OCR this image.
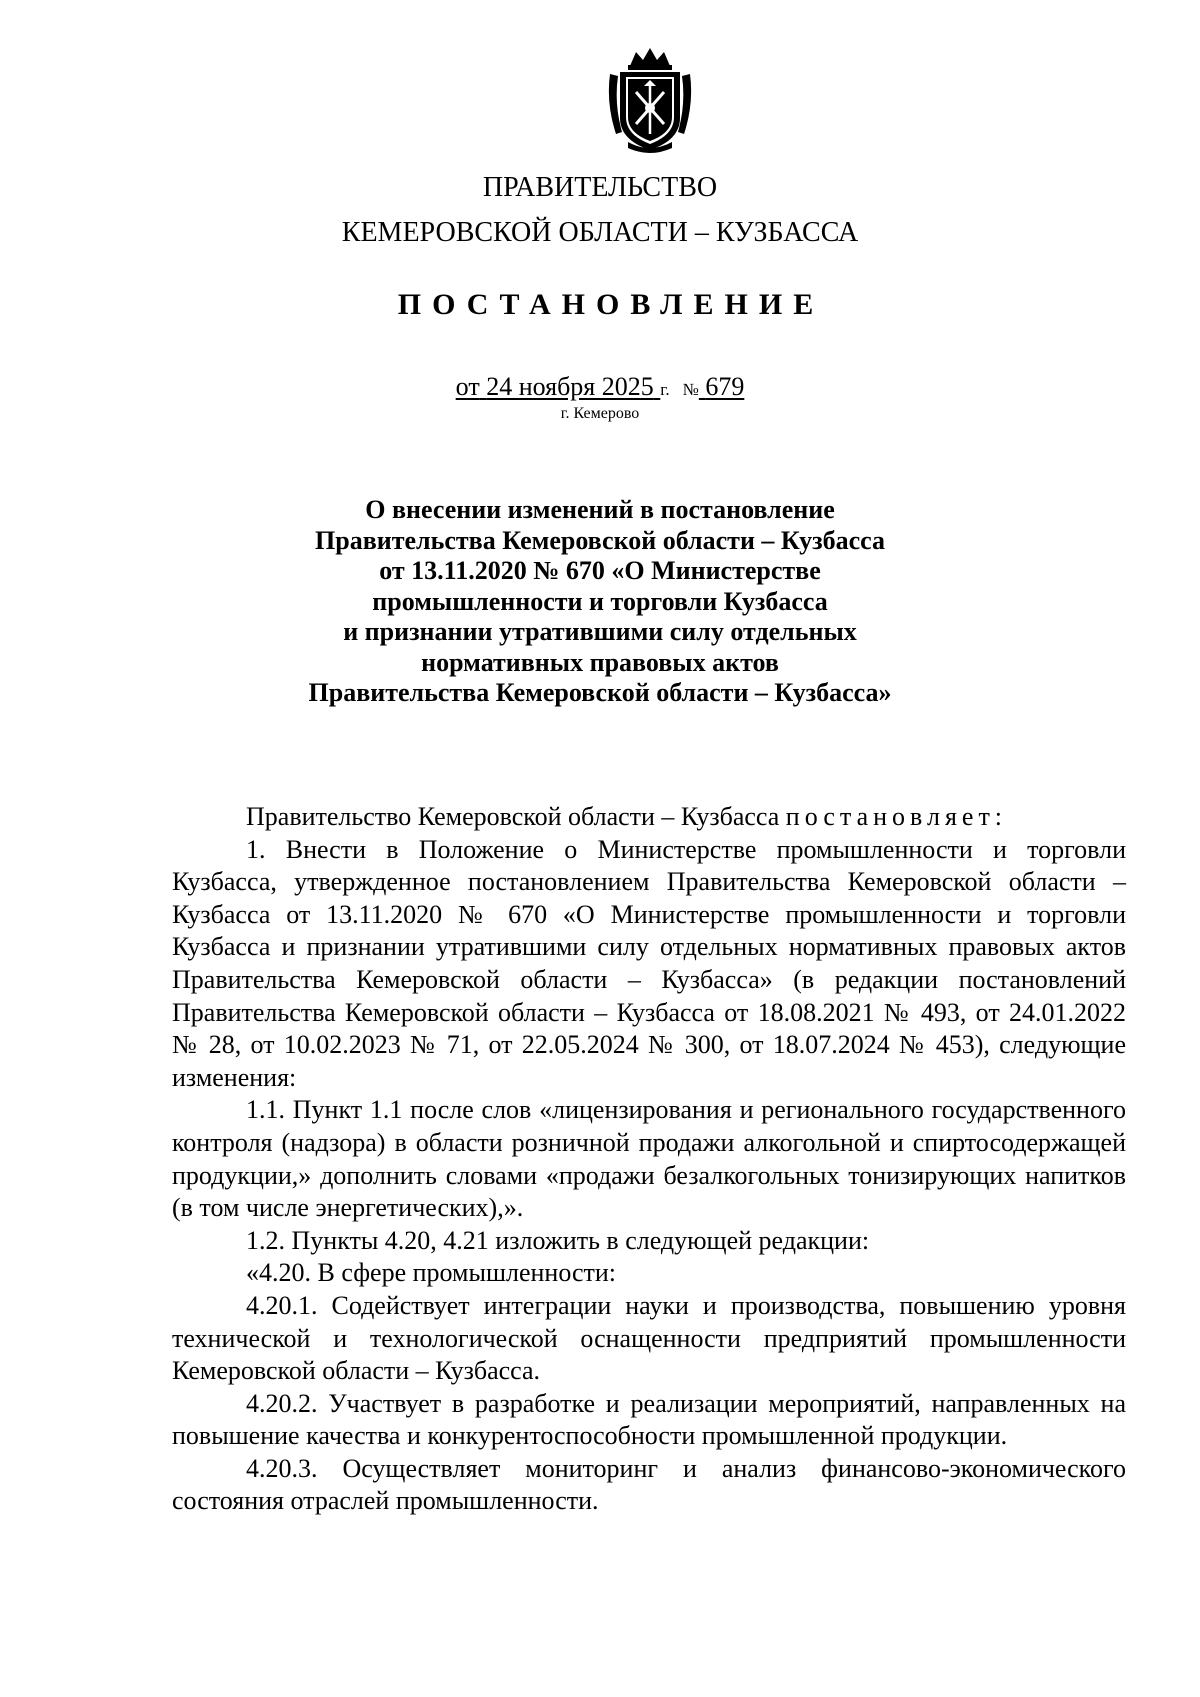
ПРАВИТЕЛЬСТВО
КЕМЕРОВСКОЙ ОБЛАСТИ – КУЗБАССА
ПОСТАНОВЛЕНИЕ
от 24 ноября 2025 г. № 679
г. Кемерово
О внесении изменений в постановление
Правительства Кемеровской области – Кузбасса
от 13.11.2020 № 670 «О Министерстве
промышленности и торговли Кузбасса
и признании утратившими силу отдельных
нормативных правовых актов
Правительства Кемеровской области – Кузбасса»

Правительство Кемеровской области – Кузбасса постановляет:

1. Внести в Положение о Министерстве промышленности и торговли Кузбасса, утвержденное постановлением Правительства Кемеровской области – Кузбасса от 13.11.2020 № 670 «О Министерстве промышленности и торговли Кузбасса и признании утратившими силу отдельных нормативных правовых актов Правительства Кемеровской области – Кузбасса» (в редакции постановлений Правительства Кемеровской области – Кузбасса от 18.08.2021 № 493, от 24.01.2022 № 28, от 10.02.2023 № 71, от 22.05.2024 № 300, от 18.07.2024 № 453), следующие изменения:

1.1. Пункт 1.1 после слов «лицензирования и регионального государственного контроля (надзора) в области розничной продажи алкогольной и спиртосодержащей продукции,» дополнить словами «продажи безалкогольных тонизирующих напитков (в том числе энергетических),».

1.2. Пункты 4.20, 4.21 изложить в следующей редакции:

«4.20. В сфере промышленности:

4.20.1. Содействует интеграции науки и производства, повышению уровня технической и технологической оснащенности предприятий промышленности Кемеровской области – Кузбасса.

4.20.2. Участвует в разработке и реализации мероприятий, направленных на повышение качества и конкурентоспособности промышленной продукции.

4.20.3. Осуществляет мониторинг и анализ финансово-экономического состояния отраслей промышленности.
